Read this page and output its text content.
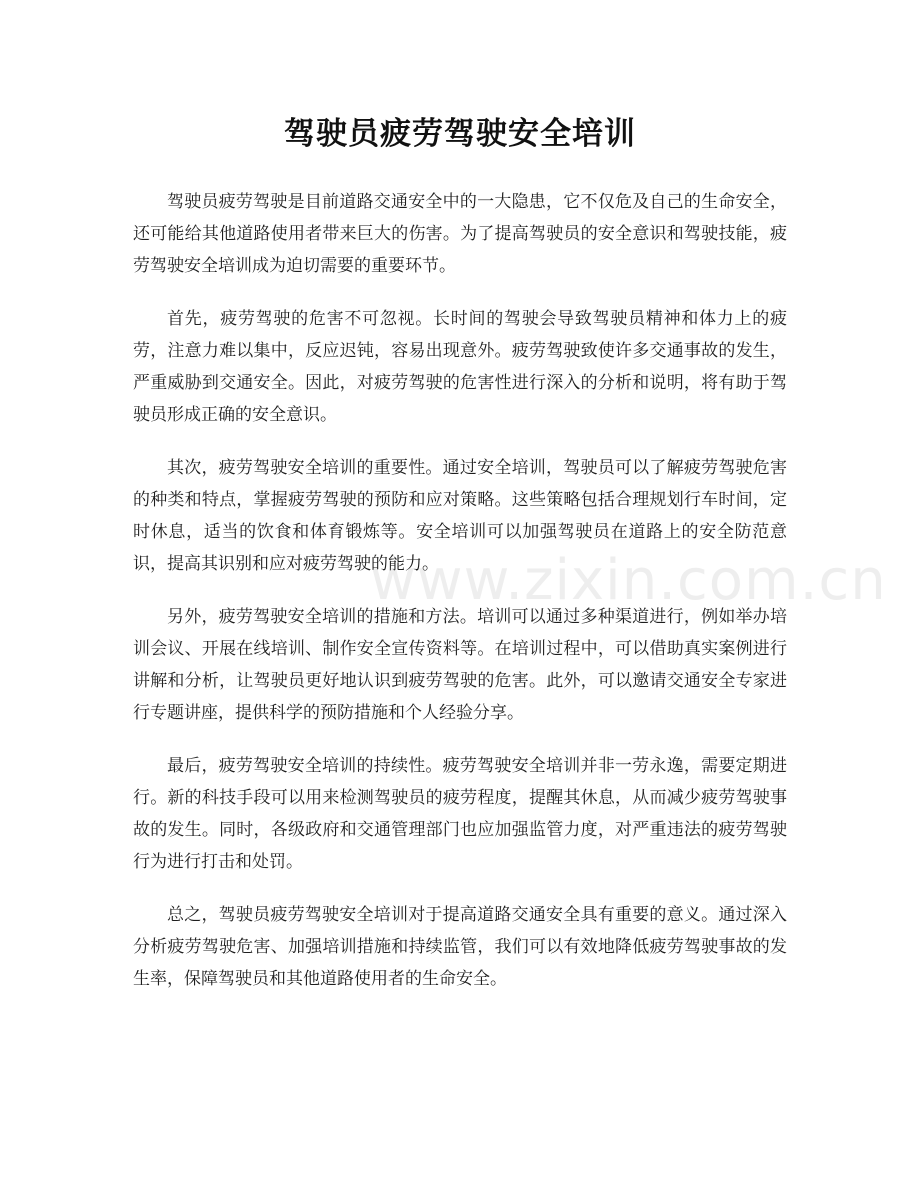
驾驶员疲劳驾驶安全培训

驾驶员疲劳驾驶是目前道路交通安全中的一大隐患，它不仅危及自己的生命安全，还可能给其他道路使用者带来巨大的伤害。为了提高驾驶员的安全意识和驾驶技能，疲劳驾驶安全培训成为迫切需要的重要环节。

首先，疲劳驾驶的危害不可忽视。长时间的驾驶会导致驾驶员精神和体力上的疲劳，注意力难以集中，反应迟钝，容易出现意外。疲劳驾驶致使许多交通事故的发生，严重威胁到交通安全。因此，对疲劳驾驶的危害性进行深入的分析和说明，将有助于驾驶员形成正确的安全意识。

其次，疲劳驾驶安全培训的重要性。通过安全培训，驾驶员可以了解疲劳驾驶危害的种类和特点，掌握疲劳驾驶的预防和应对策略。这些策略包括合理规划行车时间，定时休息，适当的饮食和体育锻炼等。安全培训可以加强驾驶员在道路上的安全防范意识，提高其识别和应对疲劳驾驶的能力。

另外，疲劳驾驶安全培训的措施和方法。培训可以通过多种渠道进行，例如举办培训会议、开展在线培训、制作安全宣传资料等。在培训过程中，可以借助真实案例进行讲解和分析，让驾驶员更好地认识到疲劳驾驶的危害。此外，可以邀请交通安全专家进行专题讲座，提供科学的预防措施和个人经验分享。

最后，疲劳驾驶安全培训的持续性。疲劳驾驶安全培训并非一劳永逸，需要定期进行。新的科技手段可以用来检测驾驶员的疲劳程度，提醒其休息，从而减少疲劳驾驶事故的发生。同时，各级政府和交通管理部门也应加强监管力度，对严重违法的疲劳驾驶行为进行打击和处罚。

总之，驾驶员疲劳驾驶安全培训对于提高道路交通安全具有重要的意义。通过深入分析疲劳驾驶危害、加强培训措施和持续监管，我们可以有效地降低疲劳驾驶事故的发生率，保障驾驶员和其他道路使用者的生命安全。

www.zixin.com.cn
